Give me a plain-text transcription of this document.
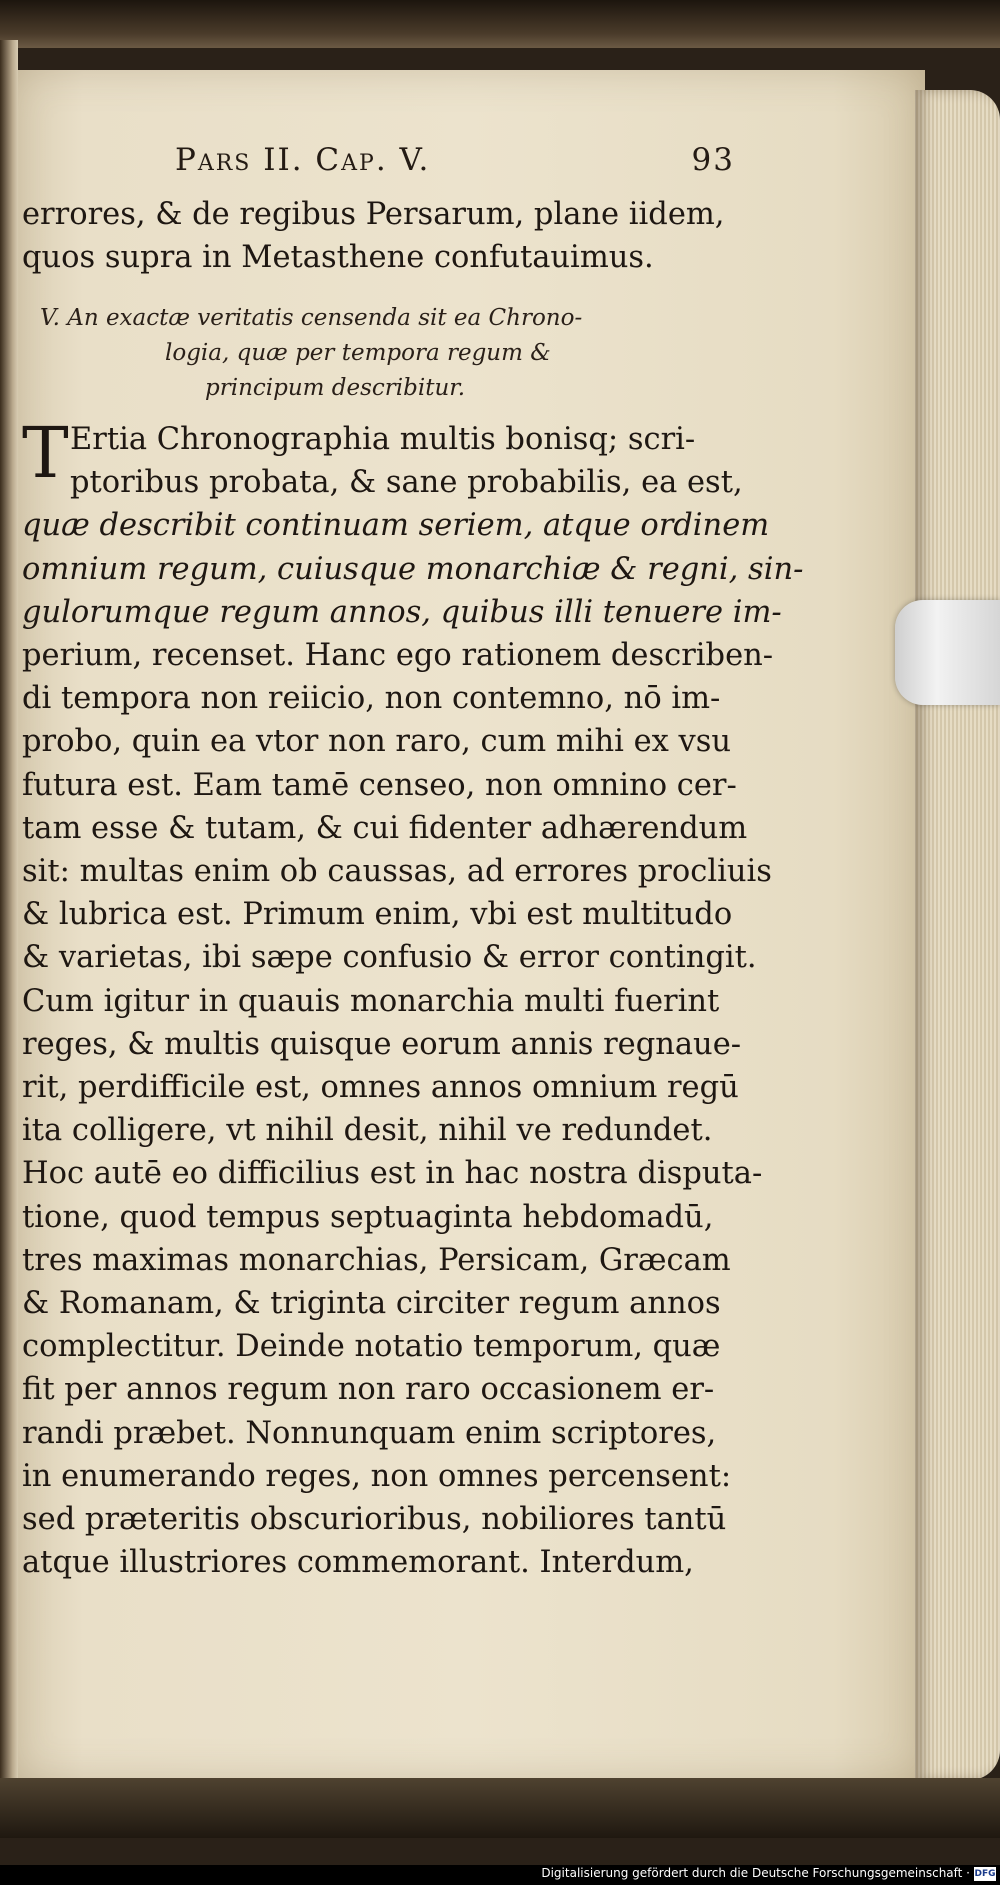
Pars II. Cap. V.	93
errores, & de regibus Persarum, plane iidem,
quos supra in Metasthene confutauimus.
V. An exactæ veritatis censenda sit ea Chrono-
logia, quæ per tempora regum &
principum describitur.
T Ertia Chronographia multis bonisq; scri-
ptoribus probata, & sane probabilis, ea est,
quæ describit continuam seriem, atque ordinem
omnium regum, cuiusque monarchiæ & regni, sin-
gulorumque regum annos, quibus illi tenuere im-
perium, recenset. Hanc ego rationem describen-
di tempora non reiicio, non contemno, nō im-
probo, quin ea vtor non raro, cum mihi ex vsu
futura est. Eam tamē censeo, non omnino cer-
tam esse & tutam, & cui fidenter adhærendum
sit: multas enim ob caussas, ad errores procliuis
& lubrica est. Primum enim, vbi est multitudo
& varietas, ibi sæpe confusio & error contingit.
Cum igitur in quauis monarchia multi fuerint
reges, & multis quisque eorum annis regnaue-
rit, perdifficile est, omnes annos omnium regū
ita colligere, vt nihil desit, nihil ve redundet.
Hoc autē eo difficilius est in hac nostra disputa-
tione, quod tempus septuaginta hebdomadū,
tres maximas monarchias, Persicam, Græcam
& Romanam, & triginta circiter regum annos
complectitur. Deinde notatio temporum, quæ
fit per annos regum non raro occasionem er-
randi præbet. Nonnunquam enim scriptores,
in enumerando reges, non omnes percensent:
sed præteritis obscurioribus, nobiliores tantū
atque illustriores commemorant. Interdum,
Digitalisierung gefördert durch die Deutsche Forschungsgemeinschaft · DFG
